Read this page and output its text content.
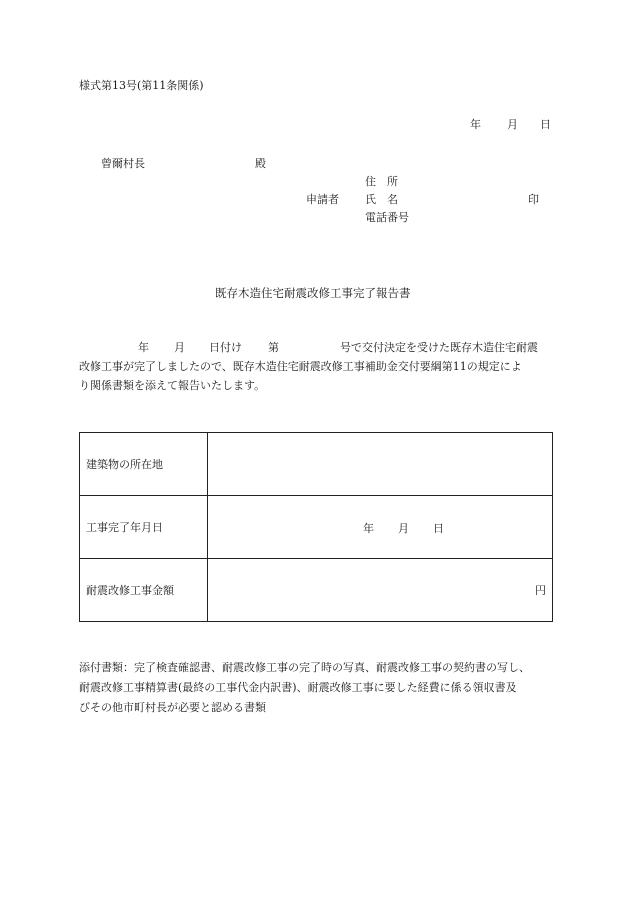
様式第13号(第11条関係)
年 月 日
曾爾村長	殿
住　所
申請者 氏　名	印
電話番号
既存木造住宅耐震改修工事完了報告書
年 月 日付け 第	号で交付決定を受けた既存木造住宅耐震
改修工事が完了しましたので、既存木造住宅耐震改修工事補助金交付要綱第11の規定によ
り関係書類を添えて報告いたします。
建築物の所在地	
工事完了年月日	年 月 日

耐震改修工事金額	円
添付書類：完了検査確認書、耐震改修工事の完了時の写真、耐震改修工事の契約書の写し、
耐震改修工事精算書(最終の工事代金内訳書)、耐震改修工事に要した経費に係る領収書及
びその他市町村長が必要と認める書類
